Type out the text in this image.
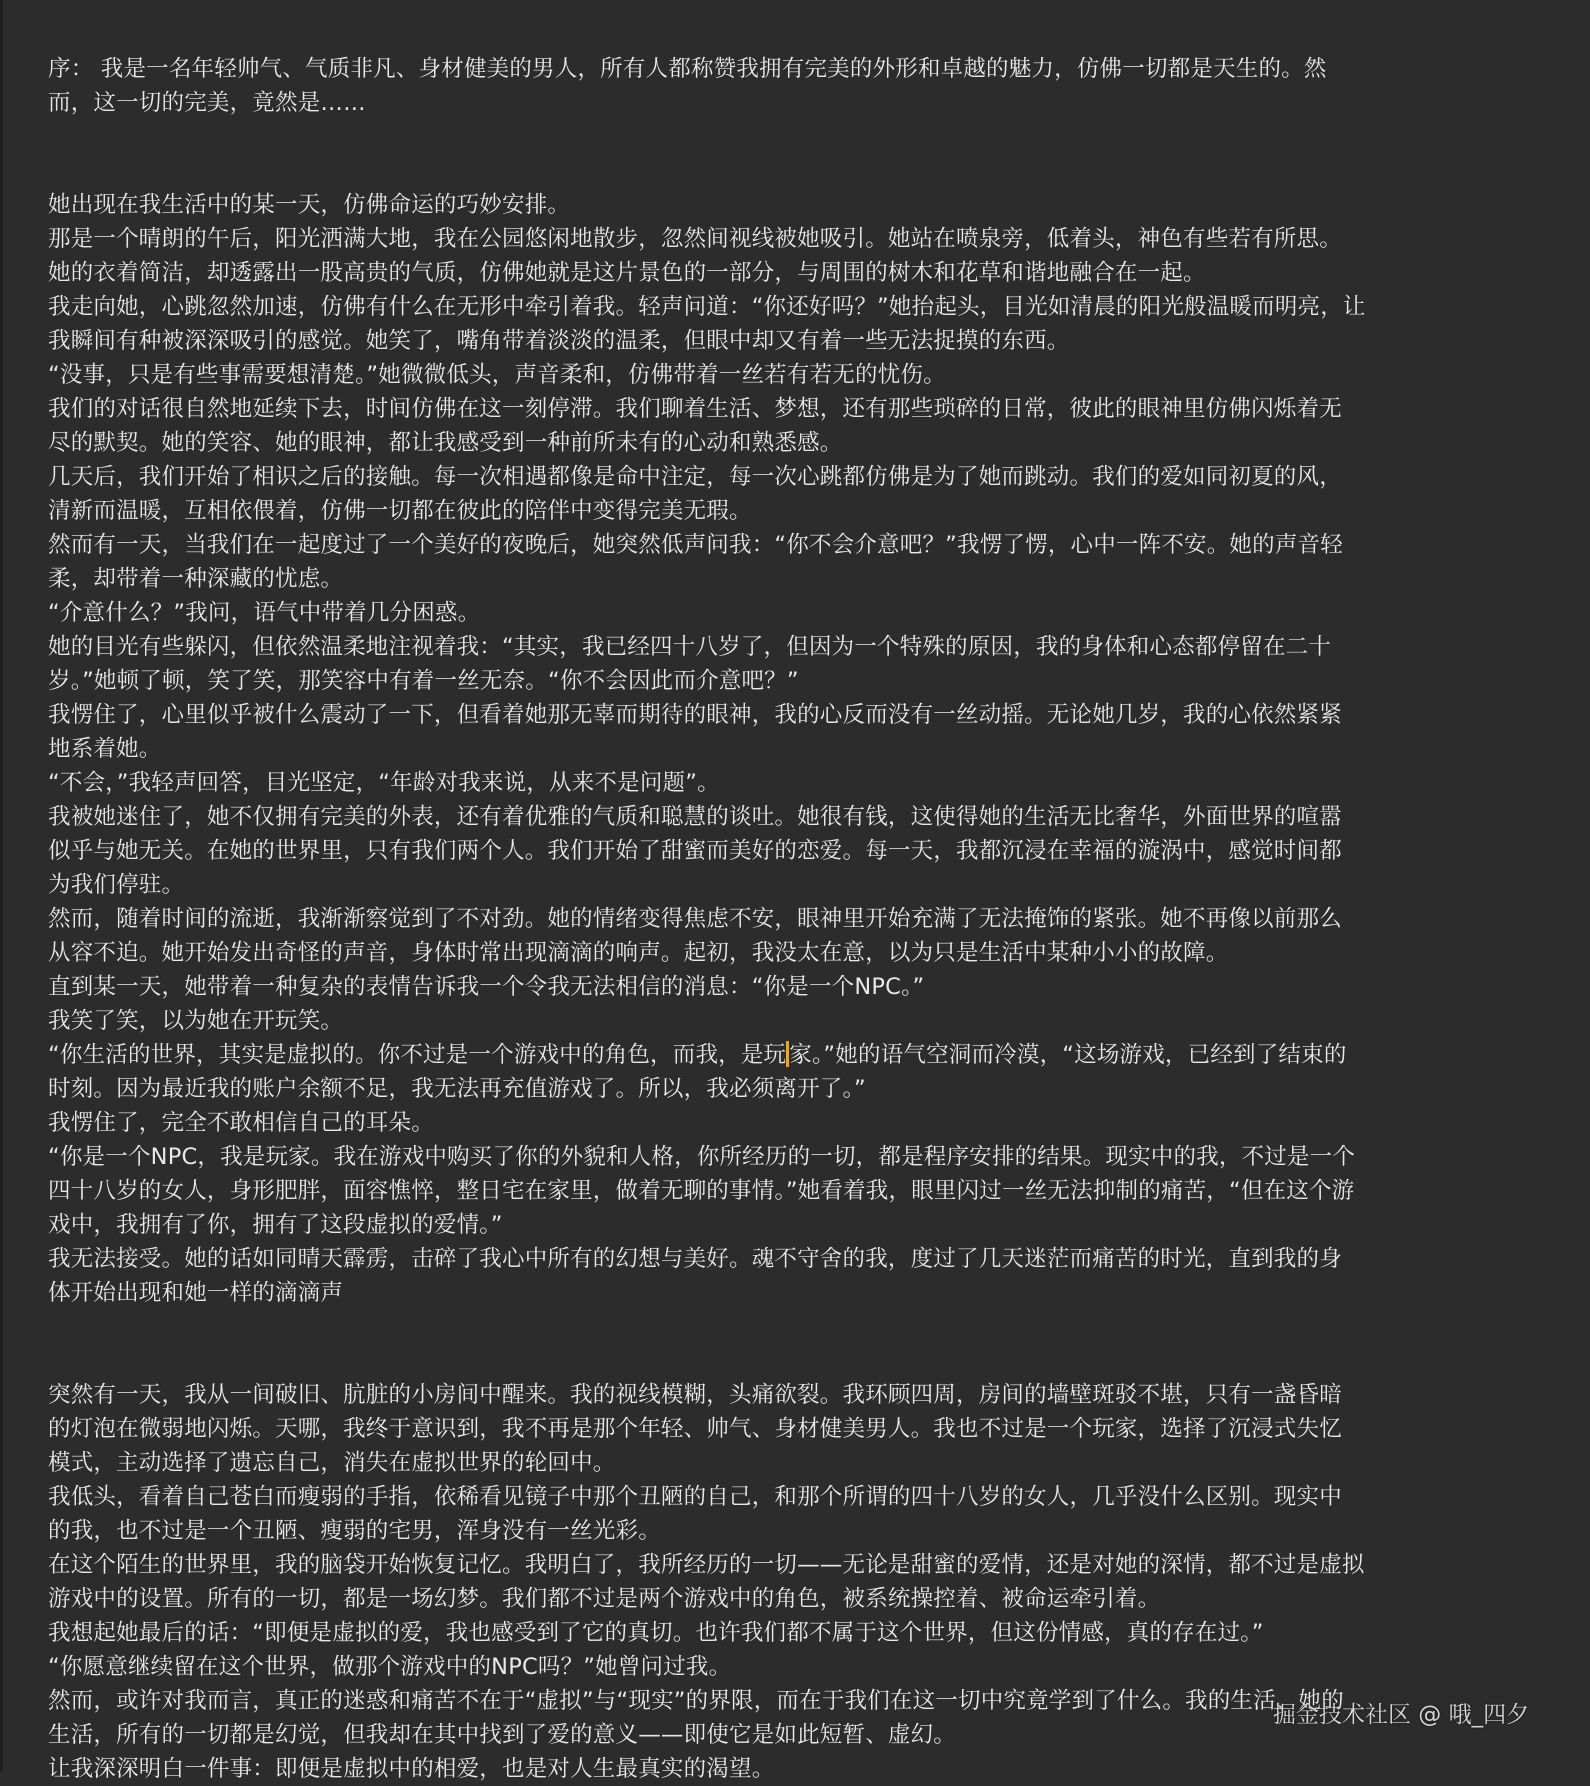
序： 我是一名年轻帅气、气质非凡、身材健美的男人，所有人都称赞我拥有完美的外形和卓越的魅力，仿佛一切都是天生的。然
而，这一切的完美，竟然是……
她出现在我生活中的某一天，仿佛命运的巧妙安排。
那是一个晴朗的午后，阳光洒满大地，我在公园悠闲地散步，忽然间视线被她吸引。她站在喷泉旁，低着头，神色有些若有所思。
她的衣着简洁，却透露出一股高贵的气质，仿佛她就是这片景色的一部分，与周围的树木和花草和谐地融合在一起。
我走向她，心跳忽然加速，仿佛有什么在无形中牵引着我。轻声问道：“你还好吗？”她抬起头，目光如清晨的阳光般温暖而明亮，让
我瞬间有种被深深吸引的感觉。她笑了，嘴角带着淡淡的温柔，但眼中却又有着一些无法捉摸的东西。
“没事，只是有些事需要想清楚。”她微微低头，声音柔和，仿佛带着一丝若有若无的忧伤。
我们的对话很自然地延续下去，时间仿佛在这一刻停滞。我们聊着生活、梦想，还有那些琐碎的日常，彼此的眼神里仿佛闪烁着无
尽的默契。她的笑容、她的眼神，都让我感受到一种前所未有的心动和熟悉感。
几天后，我们开始了相识之后的接触。每一次相遇都像是命中注定，每一次心跳都仿佛是为了她而跳动。我们的爱如同初夏的风，
清新而温暖，互相依偎着，仿佛一切都在彼此的陪伴中变得完美无瑕。
然而有一天，当我们在一起度过了一个美好的夜晚后，她突然低声问我：“你不会介意吧？”我愣了愣，心中一阵不安。她的声音轻
柔，却带着一种深藏的忧虑。
“介意什么？”我问，语气中带着几分困惑。
她的目光有些躲闪，但依然温柔地注视着我：“其实，我已经四十八岁了，但因为一个特殊的原因，我的身体和心态都停留在二十
岁。”她顿了顿，笑了笑，那笑容中有着一丝无奈。“你不会因此而介意吧？”
我愣住了，心里似乎被什么震动了一下，但看着她那无辜而期待的眼神，我的心反而没有一丝动摇。无论她几岁，我的心依然紧紧
地系着她。
“不会，”我轻声回答，目光坚定，“年龄对我来说，从来不是问题”。
我被她迷住了，她不仅拥有完美的外表，还有着优雅的气质和聪慧的谈吐。她很有钱，这使得她的生活无比奢华，外面世界的喧嚣
似乎与她无关。在她的世界里，只有我们两个人。我们开始了甜蜜而美好的恋爱。每一天，我都沉浸在幸福的漩涡中，感觉时间都
为我们停驻。
然而，随着时间的流逝，我渐渐察觉到了不对劲。她的情绪变得焦虑不安，眼神里开始充满了无法掩饰的紧张。她不再像以前那么
从容不迫。她开始发出奇怪的声音，身体时常出现滴滴的响声。起初，我没太在意，以为只是生活中某种小小的故障。
直到某一天，她带着一种复杂的表情告诉我一个令我无法相信的消息：“你是一个NPC。”
我笑了笑，以为她在开玩笑。
“你生活的世界，其实是虚拟的。你不过是一个游戏中的角色，而我，是玩 家。”她的语气空洞而冷漠，“这场游戏，已经到了结束的
时刻。因为最近我的账户余额不足，我无法再充值游戏了。所以，我必须离开了。”
我愣住了，完全不敢相信自己的耳朵。
“你是一个NPC，我是玩家。我在游戏中购买了你的外貌和人格，你所经历的一切，都是程序安排的结果。现实中的我，不过是一个
四十八岁的女人，身形肥胖，面容憔悴，整日宅在家里，做着无聊的事情。”她看着我，眼里闪过一丝无法抑制的痛苦，“但在这个游
戏中，我拥有了你，拥有了这段虚拟的爱情。”
我无法接受。她的话如同晴天霹雳，击碎了我心中所有的幻想与美好。魂不守舍的我，度过了几天迷茫而痛苦的时光，直到我的身
体开始出现和她一样的滴滴声
突然有一天，我从一间破旧、肮脏的小房间中醒来。我的视线模糊，头痛欲裂。我环顾四周，房间的墙壁斑驳不堪，只有一盏昏暗
的灯泡在微弱地闪烁。天哪，我终于意识到，我不再是那个年轻、帅气、身材健美男人。我也不过是一个玩家，选择了沉浸式失忆
模式，主动选择了遗忘自己，消失在虚拟世界的轮回中。
我低头，看着自己苍白而瘦弱的手指，依稀看见镜子中那个丑陋的自己，和那个所谓的四十八岁的女人，几乎没什么区别。现实中
的我，也不过是一个丑陋、瘦弱的宅男，浑身没有一丝光彩。
在这个陌生的世界里，我的脑袋开始恢复记忆。我明白了，我所经历的一切——无论是甜蜜的爱情，还是对她的深情，都不过是虚拟
游戏中的设置。所有的一切，都是一场幻梦。我们都不过是两个游戏中的角色，被系统操控着、被命运牵引着。
我想起她最后的话：“即便是虚拟的爱，我也感受到了它的真切。也许我们都不属于这个世界，但这份情感，真的存在过。”
“你愿意继续留在这个世界，做那个游戏中的NPC吗？”她曾问过我。
然而，或许对我而言，真正的迷惑和痛苦不在于“虚拟”与“现实”的界限，而在于我们在这一切中究竟学到了什么。我的生活、她的
生活，所有的一切都是幻觉，但我却在其中找到了爱的意义——即使它是如此短暂、虚幻。
让我深深明白一件事：即便是虚拟中的相爱，也是对人生最真实的渴望。
掘金技术社区 @ 哦_四夕
